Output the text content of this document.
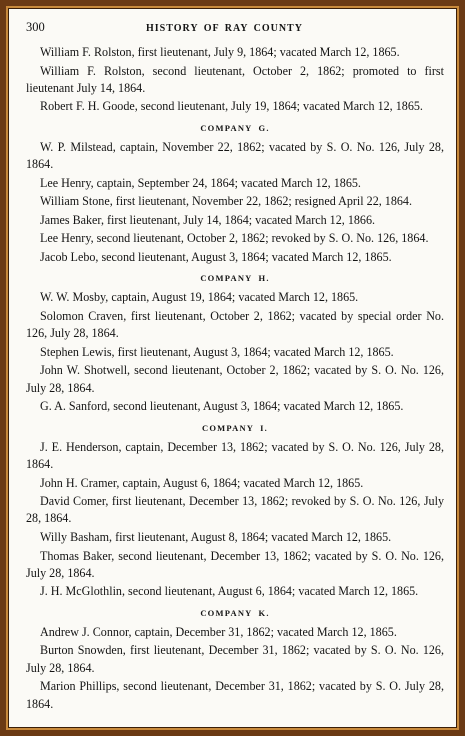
300	HISTORY OF RAY COUNTY

William F. Rolston, first lieutenant, July 9, 1864; vacated March 12, 1865.

William F. Rolston, second lieutenant, October 2, 1862; promoted to first lieutenant July 14, 1864.

Robert F. H. Goode, second lieutenant, July 19, 1864; vacated March 12, 1865.

COMPANY G.

W. P. Milstead, captain, November 22, 1862; vacated by S. O. No. 126, July 28, 1864.

Lee Henry, captain, September 24, 1864; vacated March 12, 1865.

William Stone, first lieutenant, November 22, 1862; resigned April 22, 1864.

James Baker, first lieutenant, July 14, 1864; vacated March 12, 1866.

Lee Henry, second lieutenant, October 2, 1862; revoked by S. O. No. 126, 1864.

Jacob Lebo, second lieutenant, August 3, 1864; vacated March 12, 1865.

COMPANY H.

W. W. Mosby, captain, August 19, 1864; vacated March 12, 1865.

Solomon Craven, first lieutenant, October 2, 1862; vacated by special order No. 126, July 28, 1864.

Stephen Lewis, first lieutenant, August 3, 1864; vacated March 12, 1865.

John W. Shotwell, second lieutenant, October 2, 1862; vacated by S. O. No. 126, July 28, 1864.

G. A. Sanford, second lieutenant, August 3, 1864; vacated March 12, 1865.

COMPANY I.

J. E. Henderson, captain, December 13, 1862; vacated by S. O. No. 126, July 28, 1864.

John H. Cramer, captain, August 6, 1864; vacated March 12, 1865.

David Comer, first lieutenant, December 13, 1862; revoked by S. O. No. 126, July 28, 1864.

Willy Basham, first lieutenant, August 8, 1864; vacated March 12, 1865.

Thomas Baker, second lieutenant, December 13, 1862; vacated by S. O. No. 126, July 28, 1864.

J. H. McGlothlin, second lieutenant, August 6, 1864; vacated March 12, 1865.

COMPANY K.

Andrew J. Connor, captain, December 31, 1862; vacated March 12, 1865.

Burton Snowden, first lieutenant, December 31, 1862; vacated by S. O. No. 126, July 28, 1864.

Marion Phillips, second lieutenant, December 31, 1862; vacated by S. O. July 28, 1864.
